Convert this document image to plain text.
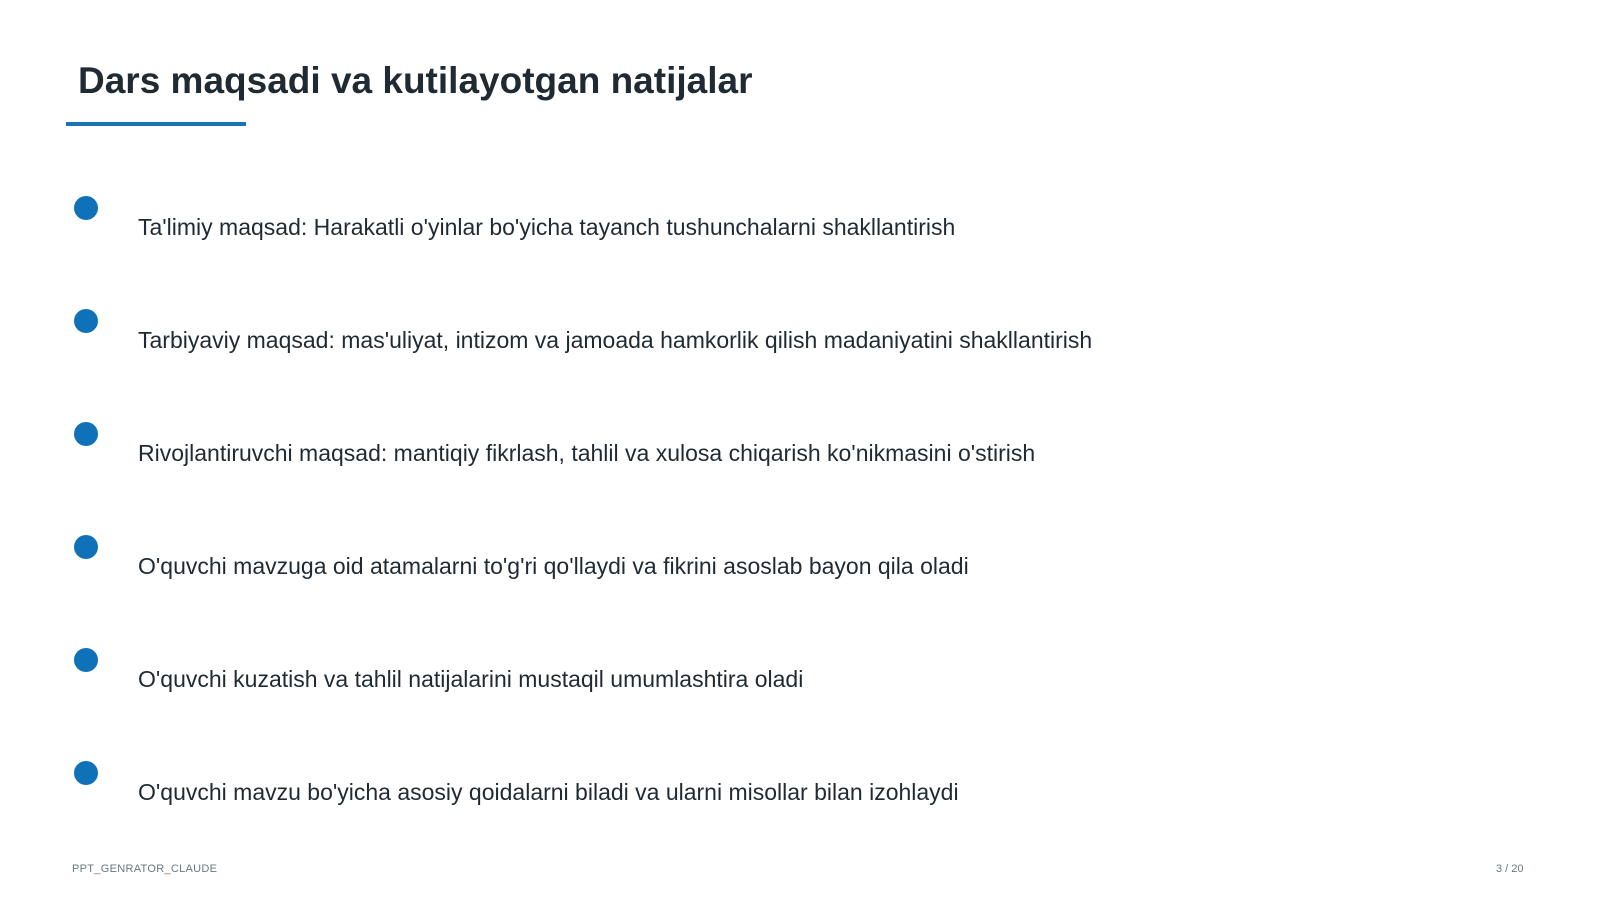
Dars maqsadi va kutilayotgan natijalar
Ta'limiy maqsad: Harakatli o'yinlar bo'yicha tayanch tushunchalarni shakllantirish
Tarbiyaviy maqsad: mas'uliyat, intizom va jamoada hamkorlik qilish madaniyatini shakllantirish
Rivojlantiruvchi maqsad: mantiqiy fikrlash, tahlil va xulosa chiqarish ko'nikmasini o'stirish
O'quvchi mavzuga oid atamalarni to'g'ri qo'llaydi va fikrini asoslab bayon qila oladi
O'quvchi kuzatish va tahlil natijalarini mustaqil umumlashtira oladi
O'quvchi mavzu bo'yicha asosiy qoidalarni biladi va ularni misollar bilan izohlaydi
PPT_GENRATOR_CLAUDE	3 / 20
